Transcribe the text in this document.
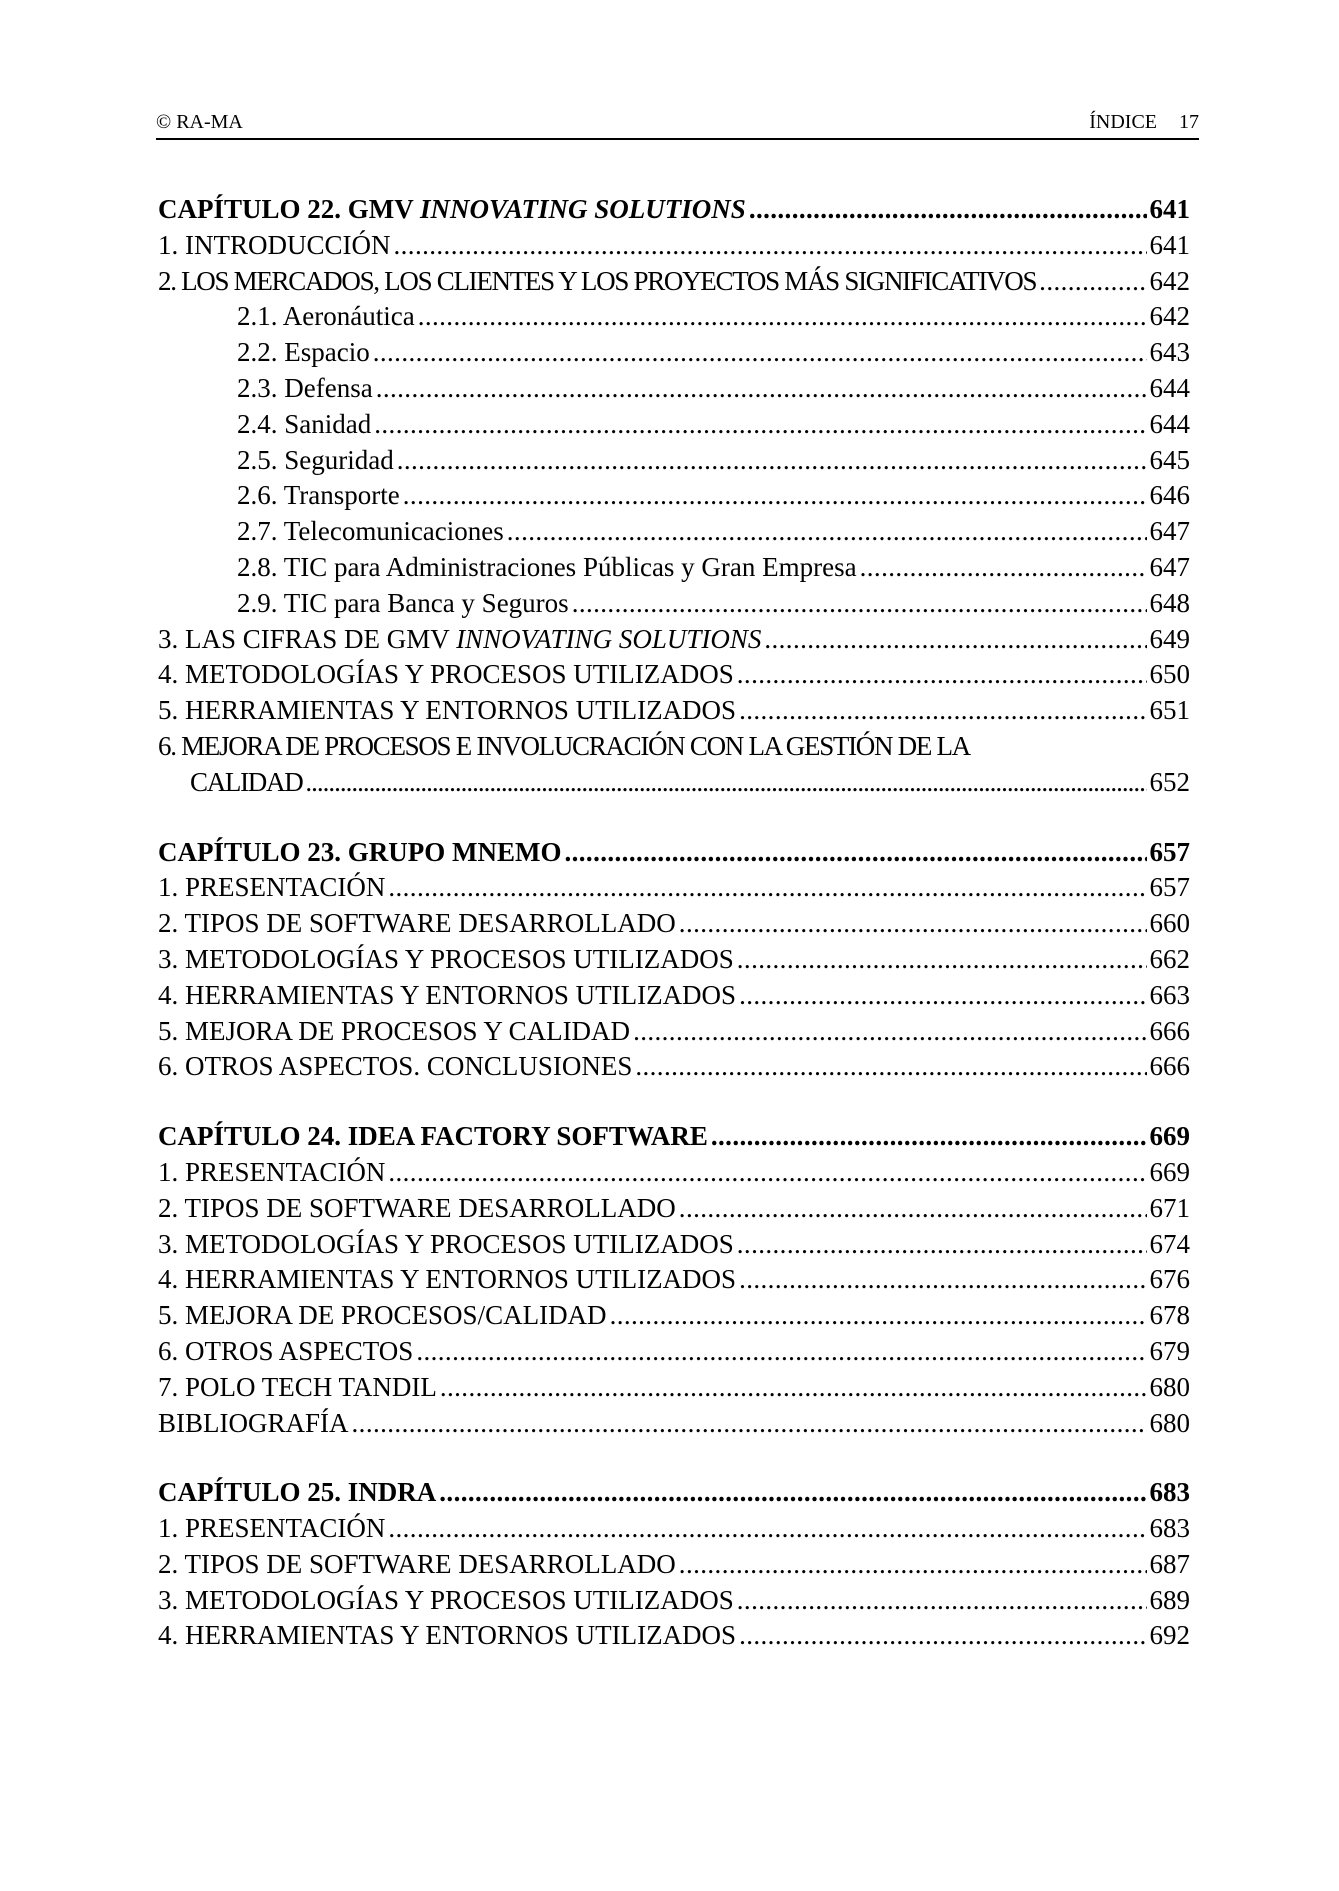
© RA-MA	ÍNDICE 17
CAPÍTULO 22. GMV INNOVATING SOLUTIONS .....	641
1. INTRODUCCIÓN .....	641
2. LOS MERCADOS, LOS CLIENTES Y LOS PROYECTOS MÁS SIGNIFICATIVOS .....	642
2.1. Aeronáutica .....	642
2.2. Espacio .....	643
2.3. Defensa .....	644
2.4. Sanidad .....	644
2.5. Seguridad .....	645
2.6. Transporte .....	646
2.7. Telecomunicaciones .....	647
2.8. TIC para Administraciones Públicas y Gran Empresa .....	647
2.9. TIC para Banca y Seguros .....	648
3. LAS CIFRAS DE GMV INNOVATING SOLUTIONS .....	649
4. METODOLOGÍAS Y PROCESOS UTILIZADOS .....	650
5. HERRAMIENTAS Y ENTORNOS UTILIZADOS .....	651
6. MEJORA DE PROCESOS E INVOLUCRACIÓN CON LA GESTIÓN DE LA
CALIDAD .....	652
CAPÍTULO 23. GRUPO MNEMO .....	657
1. PRESENTACIÓN .....	657
2. TIPOS DE SOFTWARE DESARROLLADO .....	660
3. METODOLOGÍAS Y PROCESOS UTILIZADOS .....	662
4. HERRAMIENTAS Y ENTORNOS UTILIZADOS .....	663
5. MEJORA DE PROCESOS Y CALIDAD .....	666
6. OTROS ASPECTOS. CONCLUSIONES .....	666
CAPÍTULO 24. IDEA FACTORY SOFTWARE .....	669
1. PRESENTACIÓN .....	669
2. TIPOS DE SOFTWARE DESARROLLADO .....	671
3. METODOLOGÍAS Y PROCESOS UTILIZADOS .....	674
4. HERRAMIENTAS Y ENTORNOS UTILIZADOS .....	676
5. MEJORA DE PROCESOS/CALIDAD .....	678
6. OTROS ASPECTOS .....	679
7. POLO TECH TANDIL .....	680
BIBLIOGRAFÍA .....	680
CAPÍTULO 25. INDRA .....	683
1. PRESENTACIÓN .....	683
2. TIPOS DE SOFTWARE DESARROLLADO .....	687
3. METODOLOGÍAS Y PROCESOS UTILIZADOS .....	689
4. HERRAMIENTAS Y ENTORNOS UTILIZADOS .....	692
